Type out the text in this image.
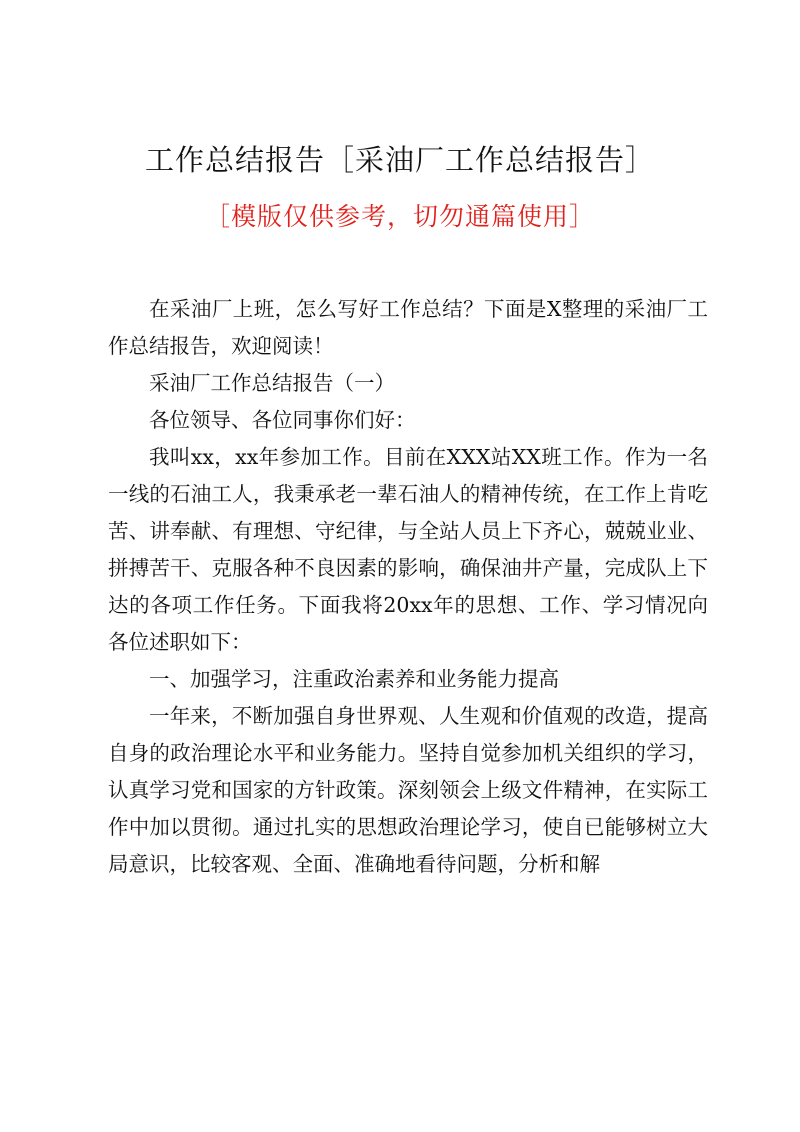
工作总结报告［采油厂工作总结报告］
［模版仅供参考，切勿通篇使用］

在采油厂上班，怎么写好工作总结？下面是X整理的采油厂工作总结报告，欢迎阅读！

采油厂工作总结报告（一）

各位领导、各位同事你们好：

我叫xx，xx年参加工作。目前在XXX站XX班工作。作为一名一线的石油工人，我秉承老一辈石油人的精神传统，在工作上肯吃苦、讲奉献、有理想、守纪律，与全站人员上下齐心，兢兢业业、拼搏苦干、克服各种不良因素的影响，确保油井产量，完成队上下达的各项工作任务。下面我将20xx年的思想、工作、学习情况向各位述职如下：

一、加强学习，注重政治素养和业务能力提高

一年来，不断加强自身世界观、人生观和价值观的改造，提高自身的政治理论水平和业务能力。坚持自觉参加机关组织的学习，认真学习党和国家的方针政策。深刻领会上级文件精神，在实际工作中加以贯彻。通过扎实的思想政治理论学习，使自已能够树立大局意识，比较客观、全面、准确地看待问题，分析和解
